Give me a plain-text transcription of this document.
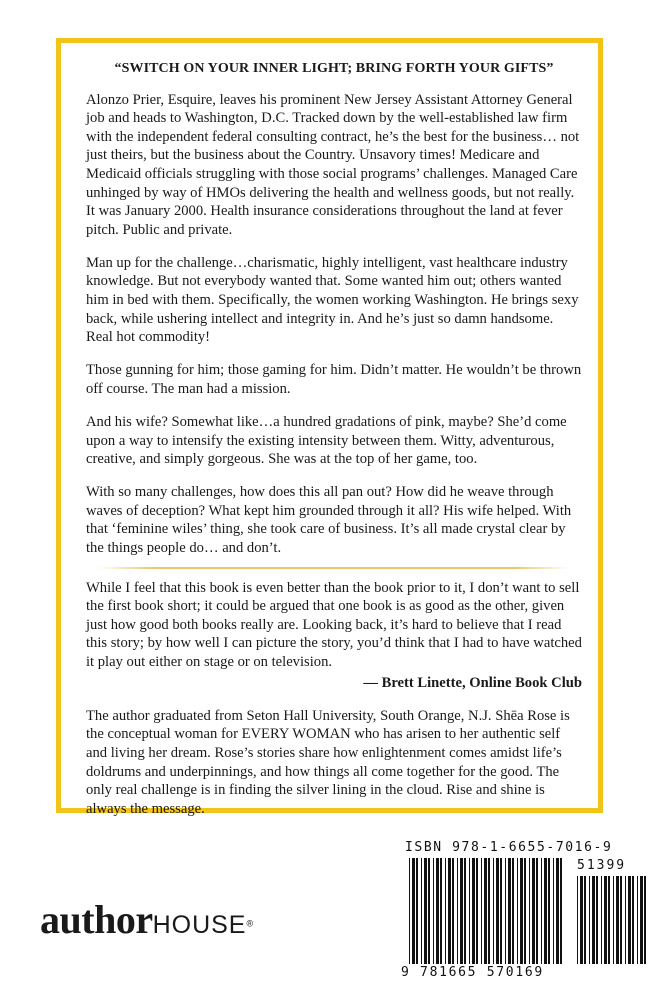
“SWITCH ON YOUR INNER LIGHT; BRING FORTH YOUR GIFTS”

Alonzo Prier, Esquire, leaves his prominent New Jersey Assistant Attorney General job and heads to Washington, D.C. Tracked down by the well-established law firm with the independent federal consulting contract, he’s the best for the business… not just theirs, but the business about the Country. Unsavory times! Medicare and Medicaid officials struggling with those social programs’ challenges. Managed Care unhinged by way of HMOs delivering the health and wellness goods, but not really. It was January 2000. Health insurance considerations throughout the land at fever pitch. Public and private.

Man up for the challenge…charismatic, highly intelligent, vast healthcare industry knowledge. But not everybody wanted that. Some wanted him out; others wanted him in bed with them. Specifically, the women working Washington. He brings sexy back, while ushering intellect and integrity in. And he’s just so damn handsome. Real hot commodity!

Those gunning for him; those gaming for him. Didn’t matter. He wouldn’t be thrown off course. The man had a mission.

And his wife? Somewhat like…a hundred gradations of pink, maybe? She’d come upon a way to intensify the existing intensity between them. Witty, adventurous, creative, and simply gorgeous. She was at the top of her game, too.

With so many challenges, how does this all pan out? How did he weave through waves of deception? What kept him grounded through it all? His wife helped. With that ‘feminine wiles’ thing, she took care of business. It’s all made crystal clear by the things people do… and don’t.

While I feel that this book is even better than the book prior to it, I don’t want to sell the first book short; it could be argued that one book is as good as the other, given just how good both books really are. Looking back, it’s hard to believe that I read this story; by how well I can picture the story, you’d think that I had to have watched it play out either on stage or on television.

— Brett Linette, Online Book Club

The author graduated from Seton Hall University, South Orange, N.J. Shēa Rose is the conceptual woman for EVERY WOMAN who has arisen to her authentic self and living her dream. Rose’s stories share how enlightenment comes amidst life’s doldrums and underpinnings, and how things all come together for the good. The only real challenge is in finding the silver lining in the cloud. Rise and shine is always the message.

authorHOUSE®
ISBN 978-1-6655-7016-9
51399
9 781665 570169
